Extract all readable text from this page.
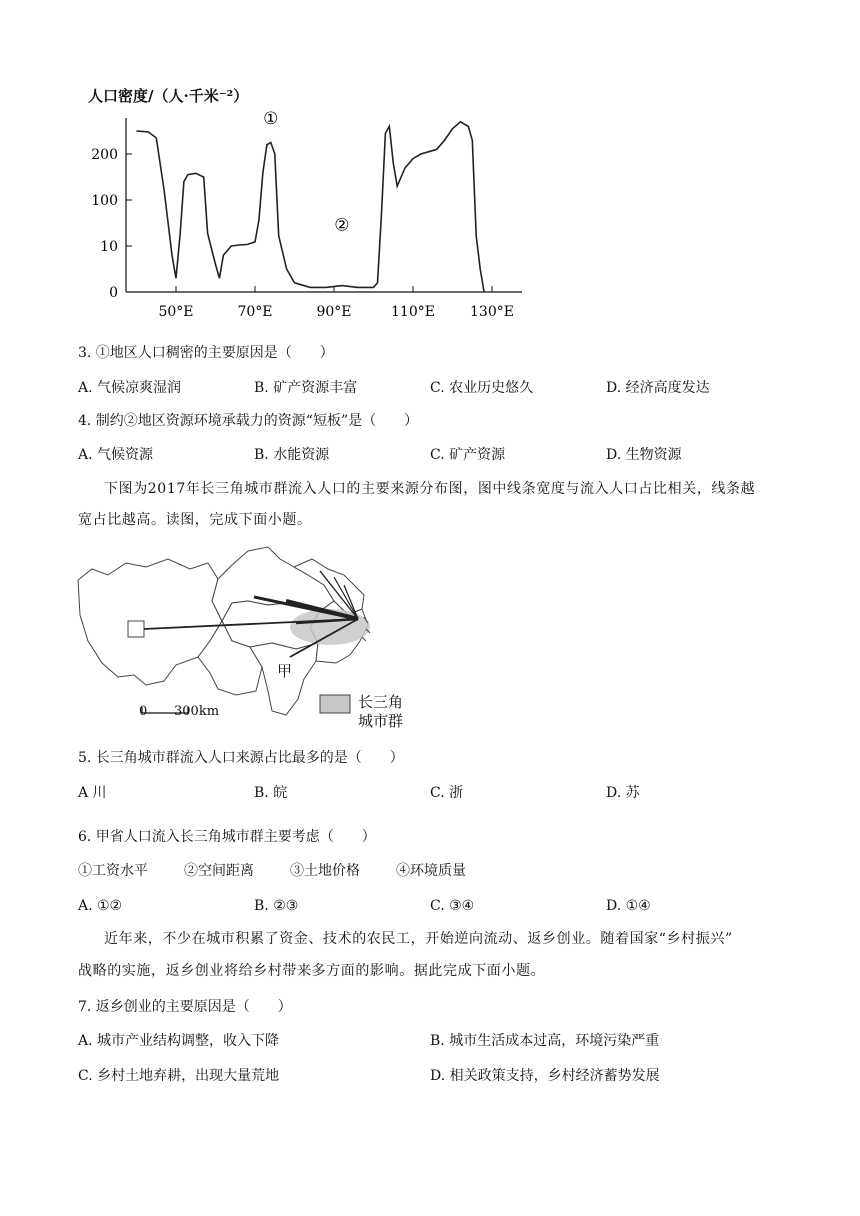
人口密度/（人·千米⁻²）
0
10
100
200
50°E	70°E	90°E	110°E	130°E
①
②
3. ①地区人口稠密的主要原因是（　　）
A. 气候凉爽湿润	B. 矿产资源丰富	C. 农业历史悠久	D. 经济高度发达
4. 制约②地区资源环境承载力的资源“短板”是（　　）
A. 气候资源	B. 水能资源	C. 矿产资源	D. 生物资源
下图为2017年长三角城市群流入人口的主要来源分布图，图中线条宽度与流入人口占比相关，线条越
宽占比越高。读图，完成下面小题。
甲
0 300km
长三角
城市群
5. 长三角城市群流入人口来源占比最多的是（　　）
A 川	B. 皖	C. 浙	D. 苏
6. 甲省人口流入长三角城市群主要考虑（　　）
①工资水平	②空间距离	③土地价格	④环境质量
A. ①②	B. ②③	C. ③④	D. ①④
近年来，不少在城市积累了资金、技术的农民工，开始逆向流动、返乡创业。随着国家“乡村振兴”
战略的实施，返乡创业将给乡村带来多方面的影响。据此完成下面小题。
7. 返乡创业的主要原因是（　　）
A. 城市产业结构调整，收入下降	B. 城市生活成本过高，环境污染严重
C. 乡村土地弃耕，出现大量荒地	D. 相关政策支持，乡村经济蓄势发展
